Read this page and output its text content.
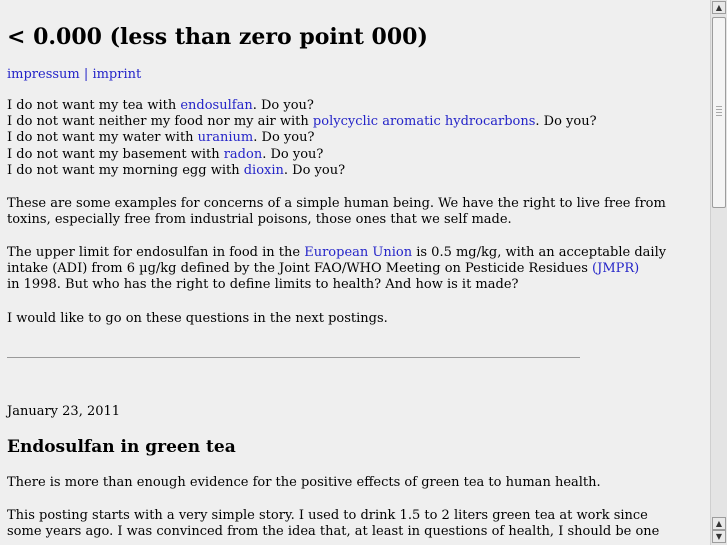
< 0.000 (less than zero point 000)
impressum | imprint
I do not want my tea with endosulfan. Do you?
I do not want neither my food nor my air with polycyclic aromatic hydrocarbons. Do you?
I do not want my water with uranium. Do you?
I do not want my basement with radon. Do you?
I do not want my morning egg with dioxin. Do you?
These are some examples for concerns of a simple human being. We have the right to live free from
toxins, especially free from industrial poisons, those ones that we self made.
The upper limit for endosulfan in food in the European Union is 0.5 mg/kg, with an acceptable daily
intake (ADI) from 6 µg/kg defined by the Joint FAO/WHO Meeting on Pesticide Residues (JMPR)
in 1998. But who has the right to define limits to health? And how is it made?
I would like to go on these questions in the next postings.
January 23, 2011
Endosulfan in green tea
There is more than enough evidence for the positive effects of green tea to human health.
This posting starts with a very simple story. I used to drink 1.5 to 2 liters green tea at work since
some years ago. I was convinced from the idea that, at least in questions of health, I should be one
▲
▲
▼
